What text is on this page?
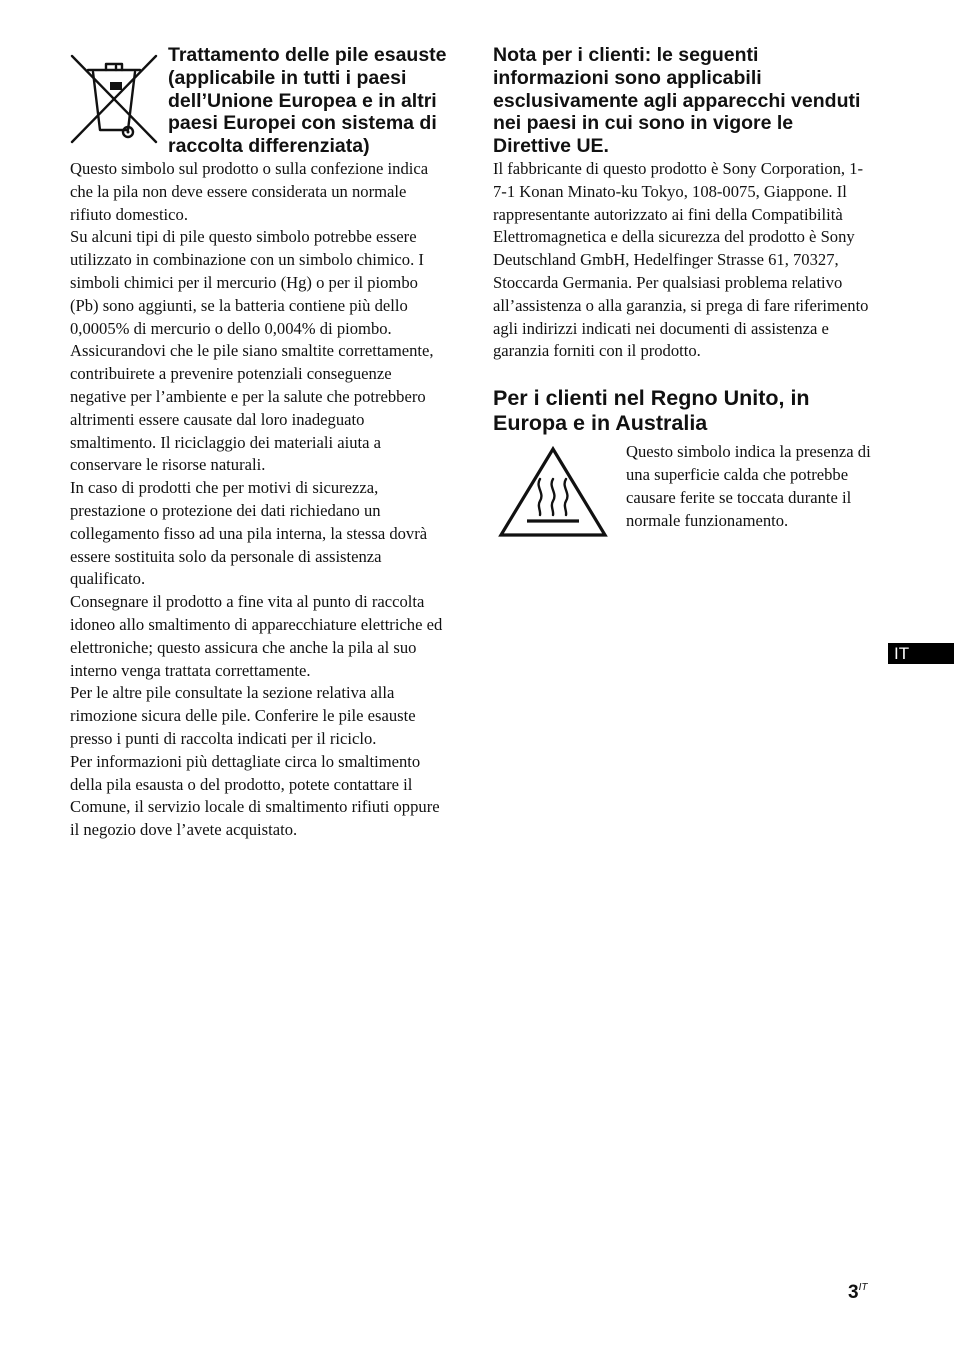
Trattamento delle pile esauste (applicabile in tutti i paesi dell’Unione Europea e in altri paesi Europei con sistema di raccolta differenziata)

Questo simbolo sul prodotto o sulla confezione indica che la pila non deve essere considerata un normale rifiuto domestico.

Su alcuni tipi di pile questo simbolo potrebbe essere utilizzato in combinazione con un simbolo chimico. I simboli chimici per il mercurio (Hg) o per il piombo (Pb) sono aggiunti, se la batteria contiene più dello 0,0005% di mercurio o dello 0,004% di piombo.

Assicurandovi che le pile siano smaltite correttamente, contribuirete a prevenire potenziali conseguenze negative per l’ambiente e per la salute che potrebbero altrimenti essere causate dal loro inadeguato smaltimento. Il riciclaggio dei materiali aiuta a conservare le risorse naturali.

In caso di prodotti che per motivi di sicurezza, prestazione o protezione dei dati richiedano un collegamento fisso ad una pila interna, la stessa dovrà essere sostituita solo da personale di assistenza qualificato.

Consegnare il prodotto a fine vita al punto di raccolta idoneo allo smaltimento di apparecchiature elettriche ed elettroniche; questo assicura che anche la pila al suo interno venga trattata correttamente.

Per le altre pile consultate la sezione relativa alla rimozione sicura delle pile. Conferire le pile esauste presso i punti di raccolta indicati per il riciclo.

Per informazioni più dettagliate circa lo smaltimento della pila esausta o del prodotto, potete contattare il Comune, il servizio locale di smaltimento rifiuti oppure il negozio dove l’avete acquistato.

Nota per i clienti: le seguenti informazioni sono applicabili esclusivamente agli apparecchi venduti nei paesi in cui sono in vigore le Direttive UE.

Il fabbricante di questo prodotto è Sony Corporation, 1-7-1 Konan Minato-ku Tokyo, 108-0075, Giappone. Il rappresentante autorizzato ai fini della Compatibilità Elettromagnetica e della sicurezza del prodotto è Sony Deutschland GmbH, Hedelfinger Strasse 61, 70327, Stoccarda Germania. Per qualsiasi problema relativo all’assistenza o alla garanzia, si prega di fare riferimento agli indirizzi indicati nei documenti di assistenza e garanzia forniti con il prodotto.

Per i clienti nel Regno Unito, in Europa e in Australia

Questo simbolo indica la presenza di una superficie calda che potrebbe causare ferite se toccata durante il normale funzionamento.

IT
$3^{IT}$
